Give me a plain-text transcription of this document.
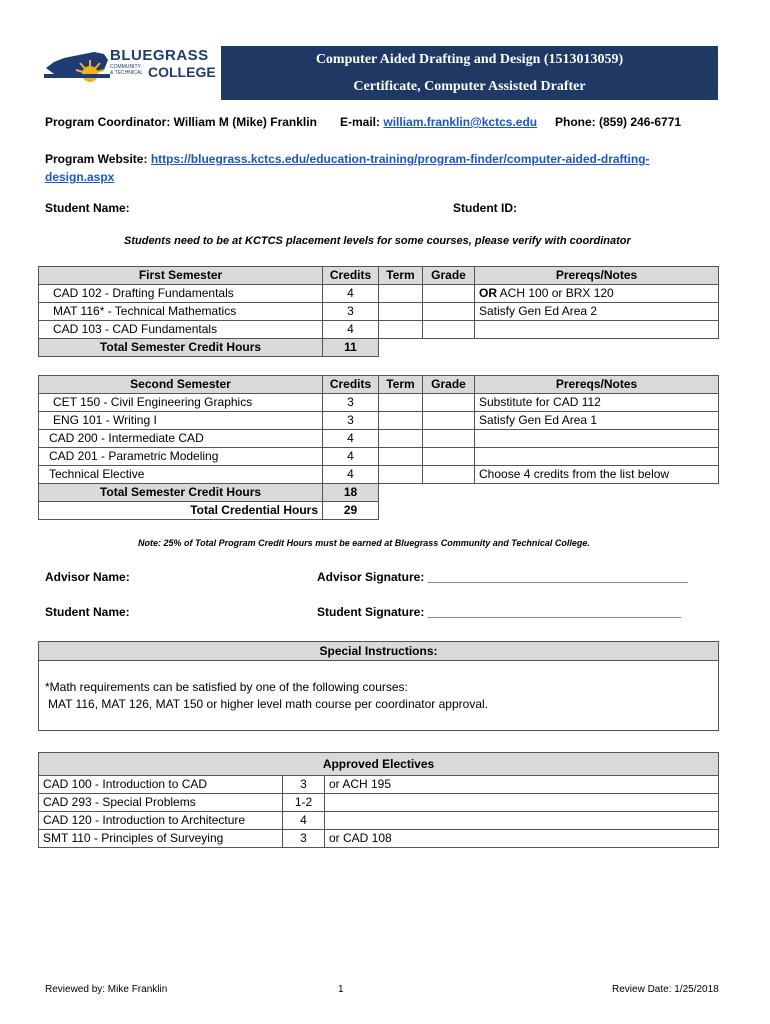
BLUEGRASS
COMMUNITY
& TECHNICAL COLLEGE
Computer Aided Drafting and Design (1513013059)
Certificate, Computer Assisted Drafter
Program Coordinator: William M (Mike) Franklin E-mail: william.franklin@kctcs.edu Phone: (859) 246-6771
Program Website: https://bluegrass.kctcs.edu/education-training/program-finder/computer-aided-drafting-
design.aspx
Student Name:	Student ID:
Students need to be at KCTCS placement levels for some courses, please verify with coordinator
First Semester	Credits	Term	Grade	Prereqs/Notes
CAD 102 - Drafting Fundamentals	4			OR ACH 100 or BRX 120
MAT 116* - Technical Mathematics	3			Satisfy Gen Ed Area 2
CAD 103 - CAD Fundamentals	4			
Total Semester Credit Hours	11			
Second Semester	Credits	Term	Grade	Prereqs/Notes
CET 150 - Civil Engineering Graphics	3			Substitute for CAD 112
ENG 101 - Writing I	3			Satisfy Gen Ed Area 1
CAD 200 - Intermediate CAD	4			
CAD 201 - Parametric Modeling	4			
Technical Elective	4			Choose 4 credits from the list below
Total Semester Credit Hours	18			
Total Credential Hours	29			
Note: 25% of Total Program Credit Hours must be earned at Bluegrass Community and Technical College.
Advisor Name:	Advisor Signature: _______________________________________
Student Name:	Student Signature: ______________________________________
Special Instructions:
*Math requirements can be satisfied by one of the following courses:
MAT 116, MAT 126, MAT 150 or higher level math course per coordinator approval.
Approved Electives		
CAD 100 - Introduction to CAD	3	or ACH 195
CAD 293 - Special Problems	1-2	
CAD 120 - Introduction to Architecture	4	
SMT 110 - Principles of Surveying	3	or CAD 108
Reviewed by: Mike Franklin	1	Review Date: 1/25/2018
